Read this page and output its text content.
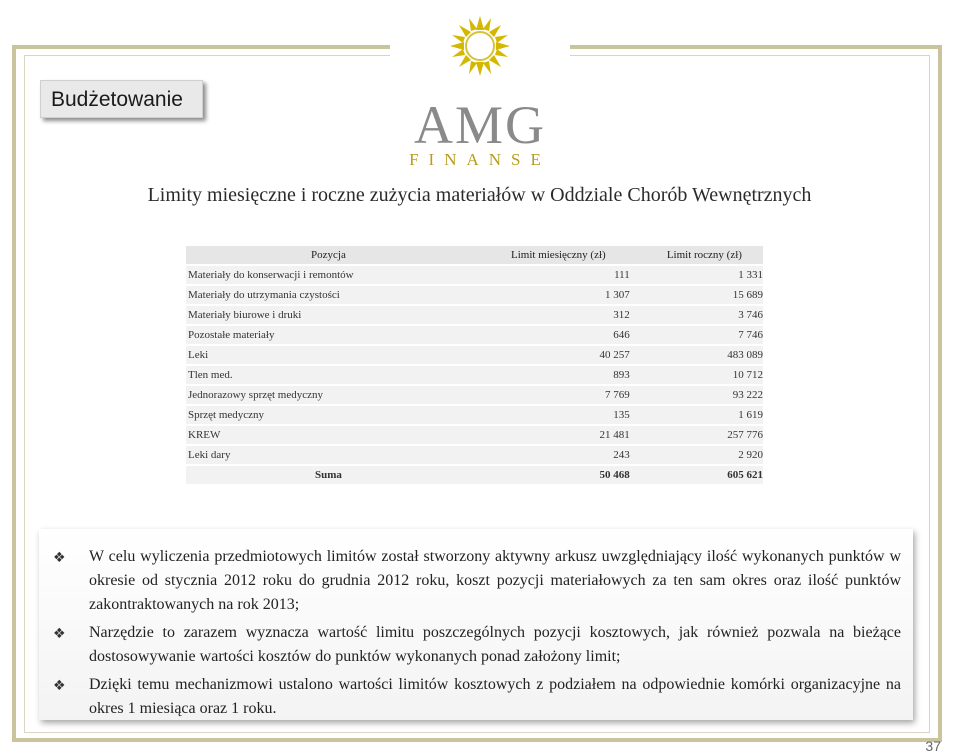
AMG
FINANSE
Budżetowanie
Limity miesięczne i roczne zużycia materiałów w Oddziale Chorób Wewnętrznych
Pozycja	Limit miesięczny (zł)	Limit roczny (zł)
Materiały do konserwacji i remontów	111	1 331
Materiały do utrzymania czystości	1 307	15 689
Materiały biurowe i druki	312	3 746
Pozostałe materiały	646	7 746
Leki	40 257	483 089
Tlen med.	893	10 712
Jednorazowy sprzęt medyczny	7 769	93 222
Sprzęt medyczny	135	1 619
KREW	21 481	257 776
Leki dary	243	2 920
Suma	50 468	605 621
❖	W celu wyliczenia przedmiotowych limitów został stworzony aktywny arkusz uwzględniający ilość wykonanych punktów w okresie od stycznia 2012 roku do grudnia 2012 roku, koszt pozycji materiałowych za ten sam okres oraz ilość punktów zakontraktowanych na rok 2013;
❖	Narzędzie to zarazem wyznacza wartość limitu poszczególnych pozycji kosztowych, jak również pozwala na bieżące dostosowywanie wartości kosztów do punktów wykonanych ponad założony limit;
❖	Dzięki temu mechanizmowi ustalono wartości limitów kosztowych z podziałem na odpowiednie komórki organizacyjne na okres 1 miesiąca oraz 1 roku.
37
